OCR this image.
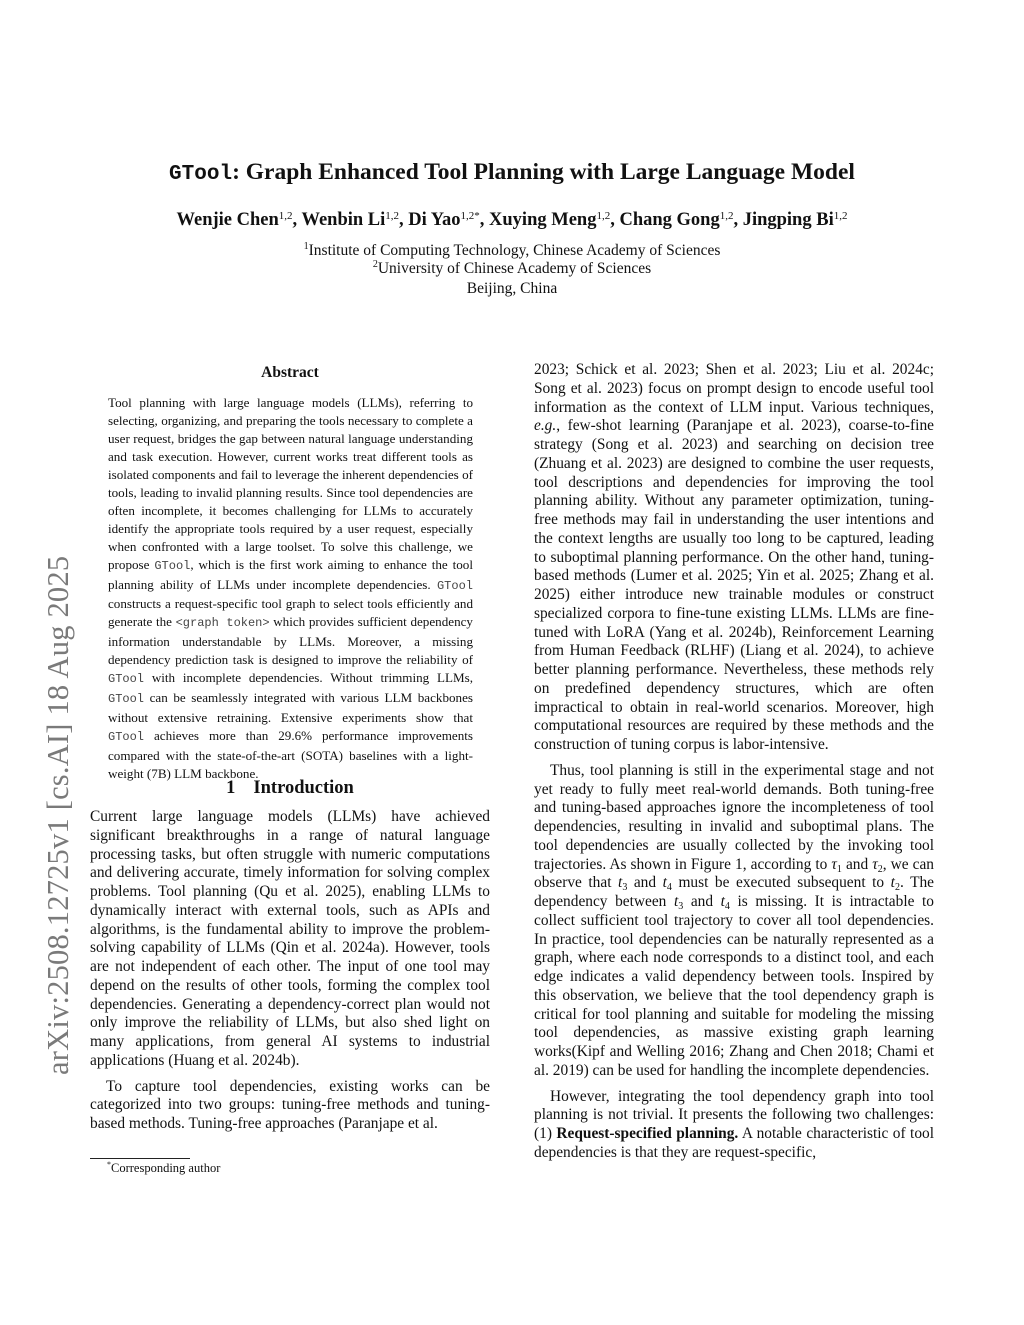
GTool: Graph Enhanced Tool Planning with Large Language Model
Wenjie Chen$^{1,2}$, Wenbin Li$^{1,2}$, Di Yao$^{1,2*}$, Xuying Meng$^{1,2}$, Chang Gong$^{1,2}$, Jingping Bi$^{1,2}$
$^1$Institute of Computing Technology, Chinese Academy of Sciences
$^2$University of Chinese Academy of Sciences
Beijing, China
arXiv:2508.12725v1 [cs.AI] 18 Aug 2025
Abstract
Tool planning with large language models (LLMs), referring to selecting, organizing, and preparing the tools necessary to complete a user request, bridges the gap between natural language understanding and task execution. However, current works treat different tools as isolated components and fail to leverage the inherent dependencies of tools, leading to invalid planning results. Since tool dependencies are often incomplete, it becomes challenging for LLMs to accurately identify the appropriate tools required by a user request, especially when confronted with a large toolset. To solve this challenge, we propose GTool, which is the first work aiming to enhance the tool planning ability of LLMs under incomplete dependencies. GTool constructs a request-specific tool graph to select tools efficiently and generate the <graph token> which provides sufficient dependency information understandable by LLMs. Moreover, a missing dependency prediction task is designed to improve the reliability of GTool with incomplete dependencies. Without trimming LLMs, GTool can be seamlessly integrated with various LLM backbones without extensive retraining. Extensive experiments show that GTool achieves more than 29.6% performance improvements compared with the state-of-the-art (SOTA) baselines with a light-weight (7B) LLM backbone.
1 Introduction

Current large language models (LLMs) have achieved significant breakthroughs in a range of natural language processing tasks, but often struggle with numeric computations and delivering accurate, timely information for solving complex problems. Tool planning (Qu et al. 2025), enabling LLMs to dynamically interact with external tools, such as APIs and algorithms, is the fundamental ability to improve the problem-solving capability of LLMs (Qin et al. 2024a). However, tools are not independent of each other. The input of one tool may depend on the results of other tools, forming the complex tool dependencies. Generating a dependency-correct plan would not only improve the reliability of LLMs, but also shed light on many applications, from general AI systems to industrial applications (Huang et al. 2024b).

To capture tool dependencies, existing works can be categorized into two groups: tuning-free methods and tuning-based methods. Tuning-free approaches (Paranjape et al.

*Corresponding author

2023; Schick et al. 2023; Shen et al. 2023; Liu et al. 2024c; Song et al. 2023) focus on prompt design to encode useful tool information as the context of LLM input. Various techniques, e.g., few-shot learning (Paranjape et al. 2023), coarse-to-fine strategy (Song et al. 2023) and searching on decision tree (Zhuang et al. 2023) are designed to combine the user requests, tool descriptions and dependencies for improving the tool planning ability. Without any parameter optimization, tuning-free methods may fail in understanding the user intentions and the context lengths are usually too long to be captured, leading to suboptimal planning performance. On the other hand, tuning-based methods (Lumer et al. 2025; Yin et al. 2025; Zhang et al. 2025) either introduce new trainable modules or construct specialized corpora to fine-tune existing LLMs. LLMs are fine-tuned with LoRA (Yang et al. 2024b), Reinforcement Learning from Human Feedback (RLHF) (Liang et al. 2024), to achieve better planning performance. Nevertheless, these methods rely on predefined dependency structures, which are often impractical to obtain in real-world scenarios. Moreover, high computational resources are required by these methods and the construction of tuning corpus is labor-intensive.

Thus, tool planning is still in the experimental stage and not yet ready to fully meet real-world demands. Both tuning-free and tuning-based approaches ignore the incompleteness of tool dependencies, resulting in invalid and suboptimal plans. The tool dependencies are usually collected by the invoking tool trajectories. As shown in Figure 1, according to $\tau_1$ and $\tau_2$, we can observe that $t_3$ and $t_4$ must be executed subsequent to $t_2$. The dependency between $t_3$ and $t_4$ is missing. It is intractable to collect sufficient tool trajectory to cover all tool dependencies. In practice, tool dependencies can be naturally represented as a graph, where each node corresponds to a distinct tool, and each edge indicates a valid dependency between tools. Inspired by this observation, we believe that the tool dependency graph is critical for tool planning and suitable for modeling the missing tool dependencies, as massive existing graph learning works(Kipf and Welling 2016; Zhang and Chen 2018; Chami et al. 2019) can be used for handling the incomplete dependencies.

However, integrating the tool dependency graph into tool planning is not trivial. It presents the following two challenges: (1) Request-specified planning. A notable characteristic of tool dependencies is that they are request-specific,
